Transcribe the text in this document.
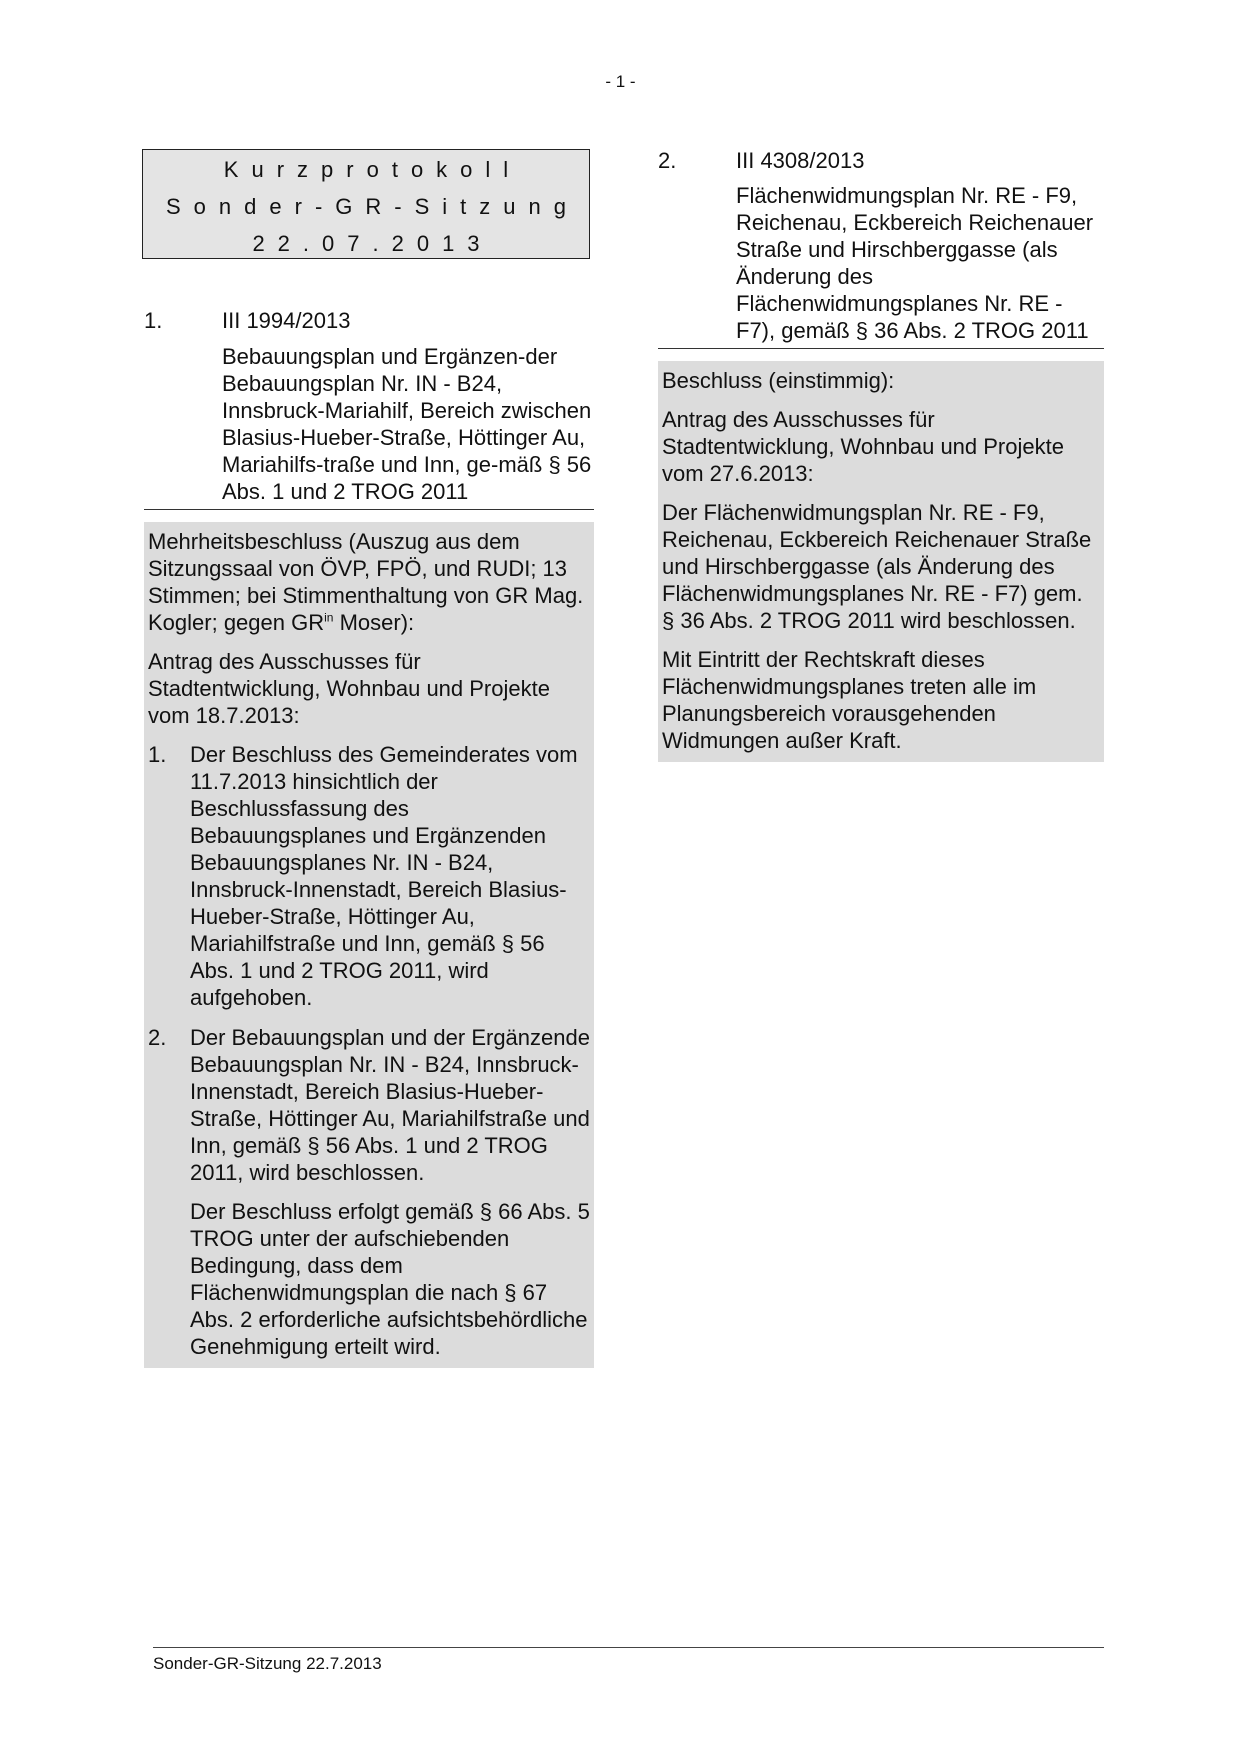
- 1 -
Kurzprotokoll
Sonder-GR-Sitzung
22.07.2013
1.	III 1994/2013
Bebauungsplan und Ergänzen-der Bebauungsplan Nr. IN - B24, Innsbruck-Mariahilf, Bereich zwischen Blasius-Hueber-Straße, Höttinger Au, Mariahilfs-traße und Inn, ge-mäß § 56 Abs. 1 und 2 TROG 2011

Mehrheitsbeschluss (Auszug aus dem Sitzungssaal von ÖVP, FPÖ, und RUDI; 13 Stimmen; bei Stimmenthaltung von GR Mag. Kogler; gegen $GR^{in}$ Moser):

Antrag des Ausschusses für Stadtentwicklung, Wohnbau und Projekte vom 18.7.2013:

1.	Der Beschluss des Gemeinderates vom 11.7.2013 hinsichtlich der Beschlussfassung des Bebauungsplanes und Ergänzenden Bebauungsplanes Nr. IN - B24, Innsbruck-Innenstadt, Bereich Blasius-Hueber-Straße, Höttinger Au, Mariahilfstraße und Inn, gemäß § 56 Abs. 1 und 2 TROG 2011, wird aufgehoben.

2.	Der Bebauungsplan und der Ergänzende Bebauungsplan Nr. IN - B24, Innsbruck-Innenstadt, Bereich Blasius-Hueber-Straße, Höttinger Au, Mariahilfstraße und Inn, gemäß § 56 Abs. 1 und 2 TROG 2011, wird beschlossen.

Der Beschluss erfolgt gemäß § 66 Abs. 5 TROG unter der aufschiebenden Bedingung, dass dem Flächenwidmungsplan die nach § 67 Abs. 2 erforderliche aufsichtsbehördliche Genehmigung erteilt wird.

2.	III 4308/2013
Flächenwidmungsplan Nr. RE - F9, Reichenau, Eckbereich Reichenauer Straße und Hirschberggasse (als Änderung des Flächenwidmungsplanes Nr. RE - F7), gemäß § 36 Abs. 2 TROG 2011

Beschluss (einstimmig):

Antrag des Ausschusses für Stadtentwicklung, Wohnbau und Projekte vom 27.6.2013:

Der Flächenwidmungsplan Nr. RE - F9, Reichenau, Eckbereich Reichenauer Straße und Hirschberggasse (als Änderung des Flächenwidmungsplanes Nr. RE - F7) gem. § 36 Abs. 2 TROG 2011 wird beschlossen.

Mit Eintritt der Rechtskraft dieses Flächenwidmungsplanes treten alle im Planungsbereich vorausgehenden Widmungen außer Kraft.

Sonder-GR-Sitzung 22.7.2013
